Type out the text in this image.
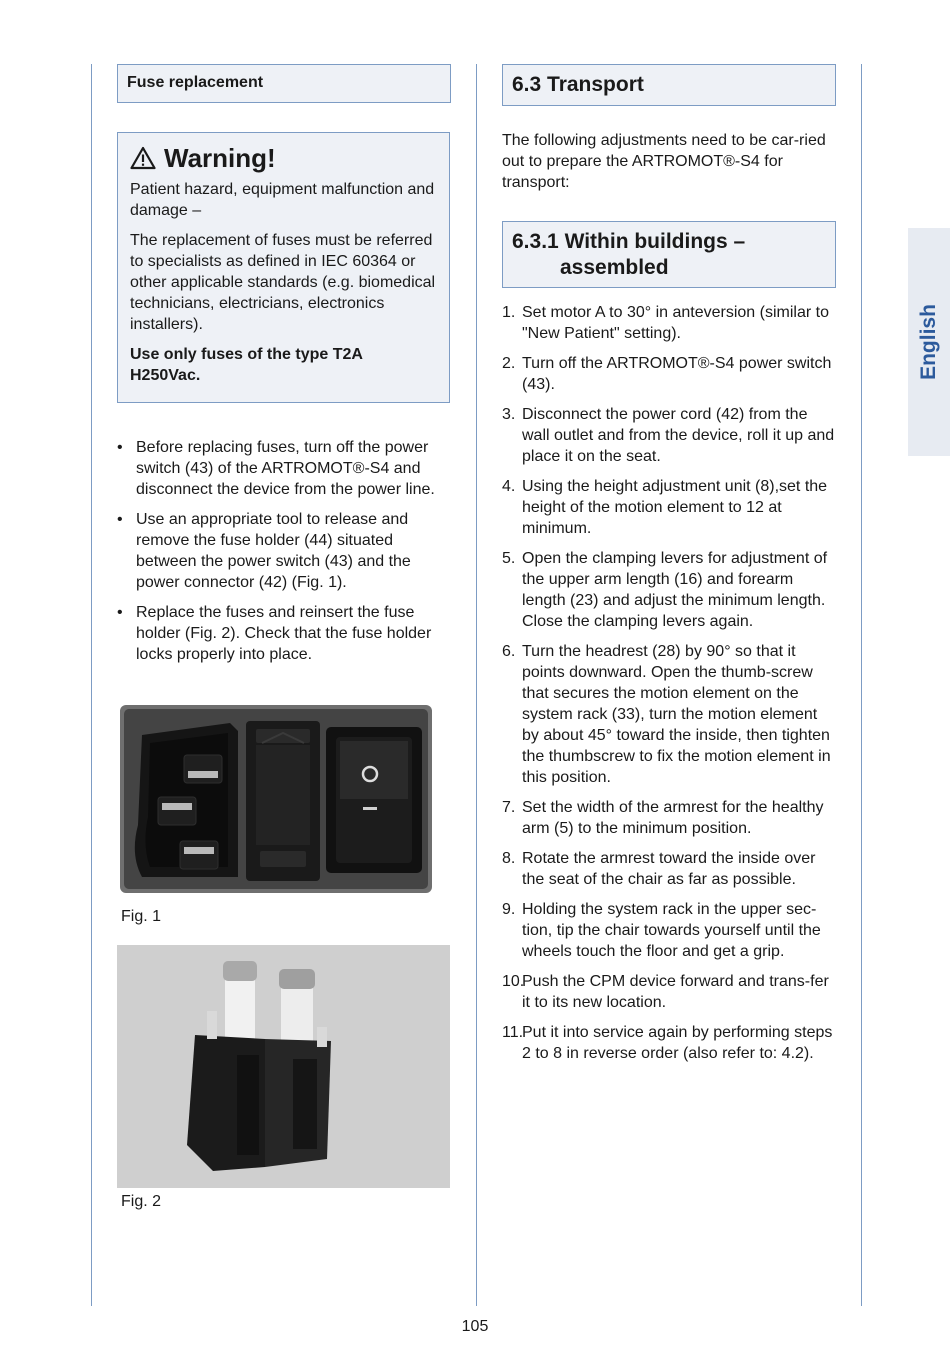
Fuse replacement
Warning!

Patient hazard, equipment malfunction and damage –

The replacement of fuses must be referred to specialists as defined in IEC 60364 or other applicable standards (e.g. biomedical technicians, electricians, electronics installers).

Use only fuses of the type T2A H250Vac.

• Before replacing fuses, turn off the power switch (43) of the ARTROMOT®-S4 and disconnect the device from the power line.
• Use an appropriate tool to release and remove the fuse holder (44) situated between the power switch (43) and the power connector (42) (Fig. 1).
• Replace the fuses and reinsert the fuse holder (Fig. 2). Check that the fuse holder locks properly into place.
Fig. 1
Fig. 2
6.3 Transport

The following adjustments need to be car-ried out to prepare the ARTROMOT®-S4 for transport:

6.3.1 Within buildings –
assembled
1. Set motor A to 30° in anteversion (similar to "New Patient" setting).
2. Turn off the ARTROMOT®-S4 power switch (43).
3. Disconnect the power cord (42) from the wall outlet and from the device, roll it up and place it on the seat.
4. Using the height adjustment unit (8),set the height of the motion element to 12 at minimum.
5. Open the clamping levers for adjustment of the upper arm length (16) and forearm length (23) and adjust the minimum length. Close the clamping levers again.
6. Turn the headrest (28) by 90° so that it points downward. Open the thumb-screw that secures the motion element on the system rack (33), turn the motion element by about 45° toward the inside, then tighten the thumbscrew to fix the motion element in this position.
7. Set the width of the armrest for the healthy arm (5) to the minimum position.
8. Rotate the armrest toward the inside over the seat of the chair as far as possible.
9. Holding the system rack in the upper sec-tion, tip the chair towards yourself until the wheels touch the floor and get a grip.
10.
Push the CPM device forward and trans-fer it to its new location.
11.
Put it into service again by performing steps 2 to 8 in reverse order (also refer to: 4.2).
English
105
